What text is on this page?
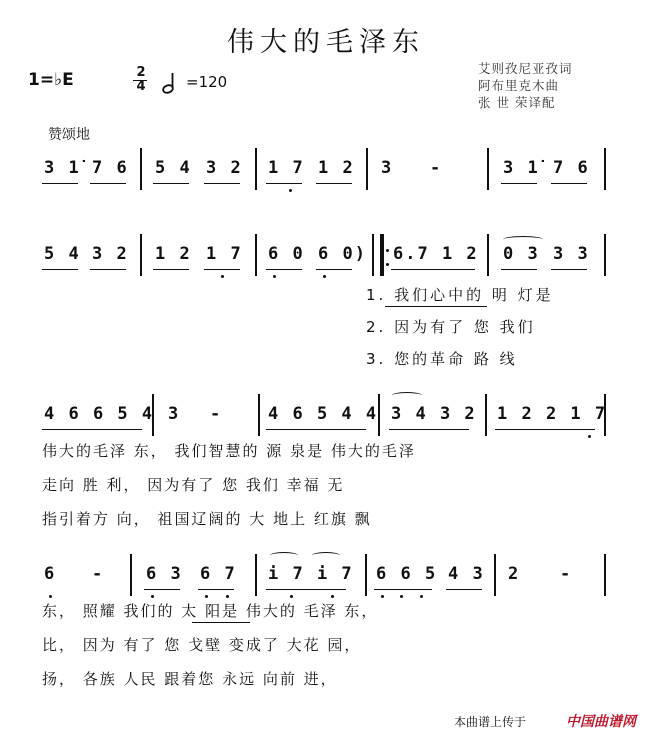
伟大的毛泽东
1=♭E	2
4	=120
艾则孜尼亚孜词
阿布里克木曲
张 世 荣译配
赞颂地
3 1̇ 7 6 5 4 3 2 1 7 1 2 3 -	3 1̇ 7 6
5 4 3 2 1 2 1 7 6 0 6 0) 6.7 1 2 0 3 3 3
1. 我们心中的 明 灯是
2. 因为有了 您 我们
3. 您的革命 路 线
4 6 6 5 4 3 -	4 6 5 4 4 3 4 3 2 1 2 2 1 7
伟大的毛泽 东， 我们智慧的 源 泉是 伟大的毛泽
走向 胜 利， 因为有了 您 我们 幸福 无
指引着方 向， 祖国辽阔的 大 地上 红旗 飘
6 - 6 3 6 7 i 7 i 7 6 6 5 4 3 2 -
东， 照耀 我们的 太 阳是 伟大的 毛泽 东，
比， 因为 有了 您 戈壁 变成了 大花 园，
扬， 各族 人民 跟着您 永远 向前 进，
本曲谱上传于	中国曲谱网
